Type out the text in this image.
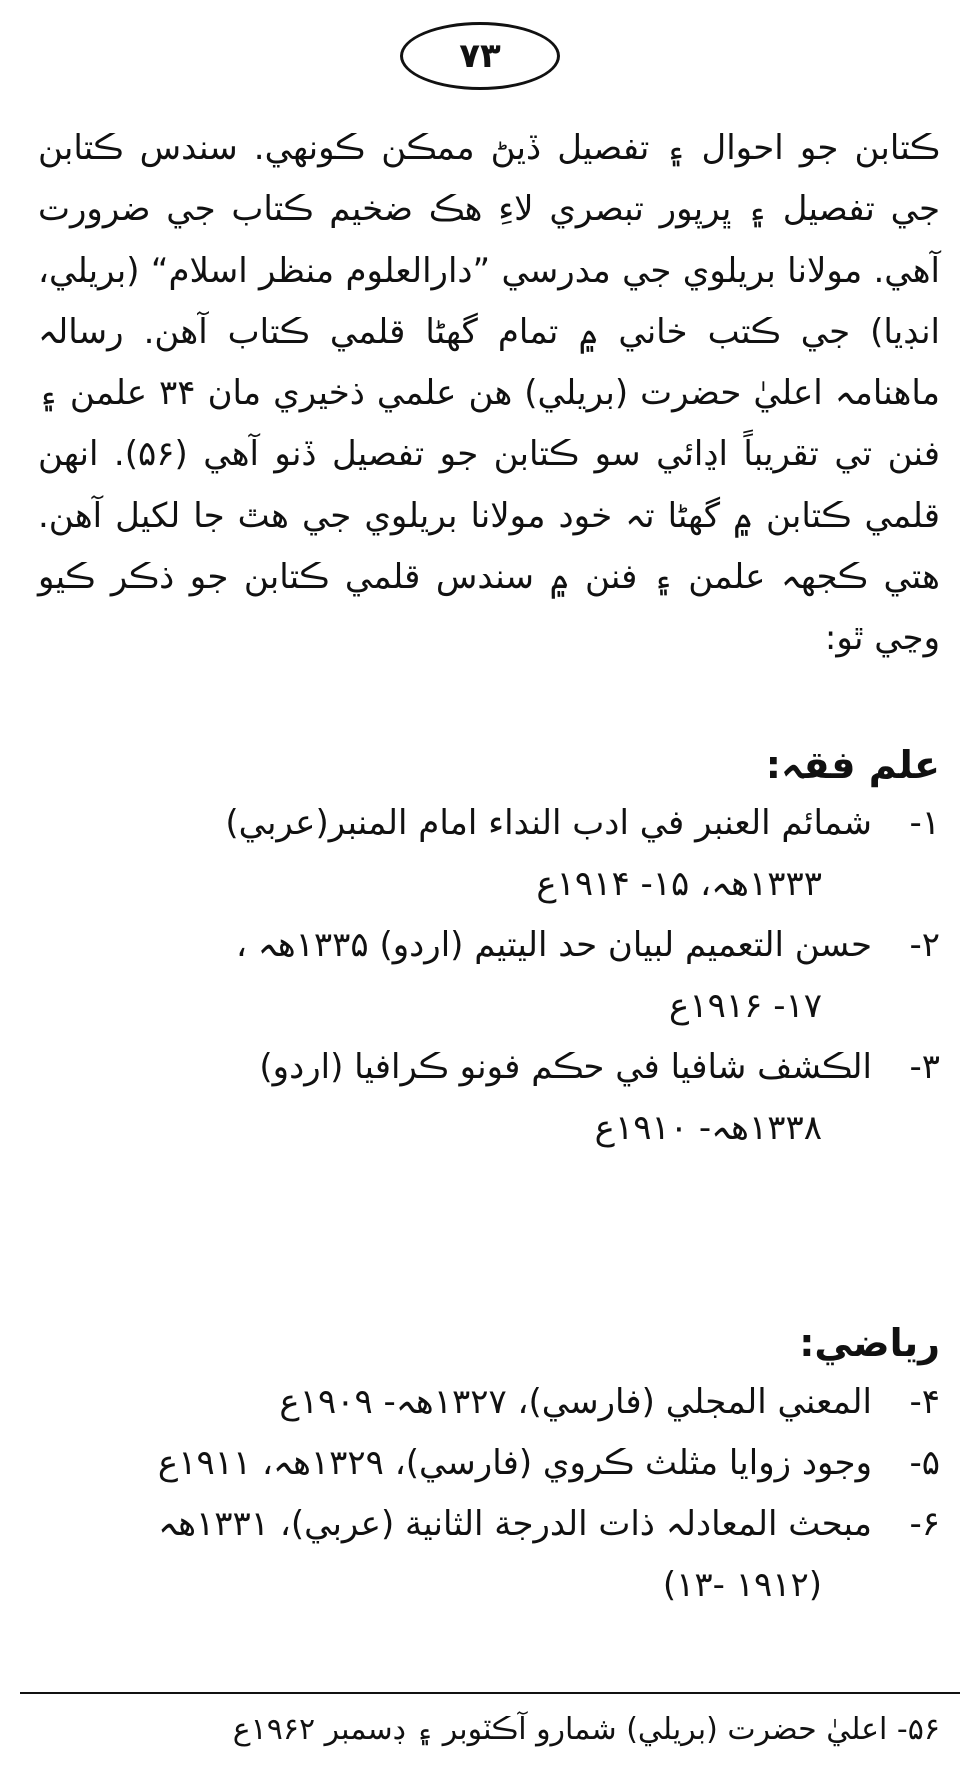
۷۳

ڪتابن جو احوال ۽ تفصيل ڏيڻ ممڪن ڪونهي. سندس ڪتابن جي تفصيل ۽ ڀرپور تبصري لاءِ هڪ ضخيم ڪتاب جي ضرورت آهي. مولانا بريلوي جي مدرسي ”دارالعلوم منظر اسلام“ (بريلي، انڊيا) جي ڪتب خاني ۾ تمام گهڻا قلمي ڪتاب آهن. رسالہ ماهنامہ اعليٰ حضرت (بريلي) هن علمي ذخيري مان ۳۴ علمن ۽ فنن تي تقريباً اڍائي سو ڪتابن جو تفصيل ڏنو آهي (۵۶). انهن قلمي ڪتابن ۾ گهڻا تہ خود مولانا بريلوي جي هٿ جا لکيل آهن. هتي ڪجهہ علمن ۽ فنن ۾ سندس قلمي ڪتابن جو ذڪر ڪيو وڃي ٿو:

علم فقہ:
۱-
شمائم العنبر في ادب النداء امام المنبر(عربي)
۱۳۳۳هہ، ۱۵- ۱۹۱۴ع
۲-
حسن التعميم لبيان حد اليتيم (اردو) ۱۳۳۵هہ ،
۱۷- ۱۹۱۶ع
۳-
الڪشف شافيا في حڪم فونو ڪرافيا (اردو)
۱۳۳۸هہ- ۱۹۱۰ع
رياضي:
۴-
المعني المجلي (فارسي)، ۱۳۲۷هہ- ۱۹۰۹ع
۵-
وجود زوايا مثلث ڪروي (فارسي)، ۱۳۲۹هہ، ۱۹۱۱ع
۶-
مبحث المعادلہ ذات الدرجة الثانية (عربي)، ۱۳۳۱هہ
(۱۹۱۲ -۱۳)

۵۶- اعليٰ حضرت (بريلي) شمارو آڪٽوبر ۽ ڊسمبر ۱۹۶۲ع
